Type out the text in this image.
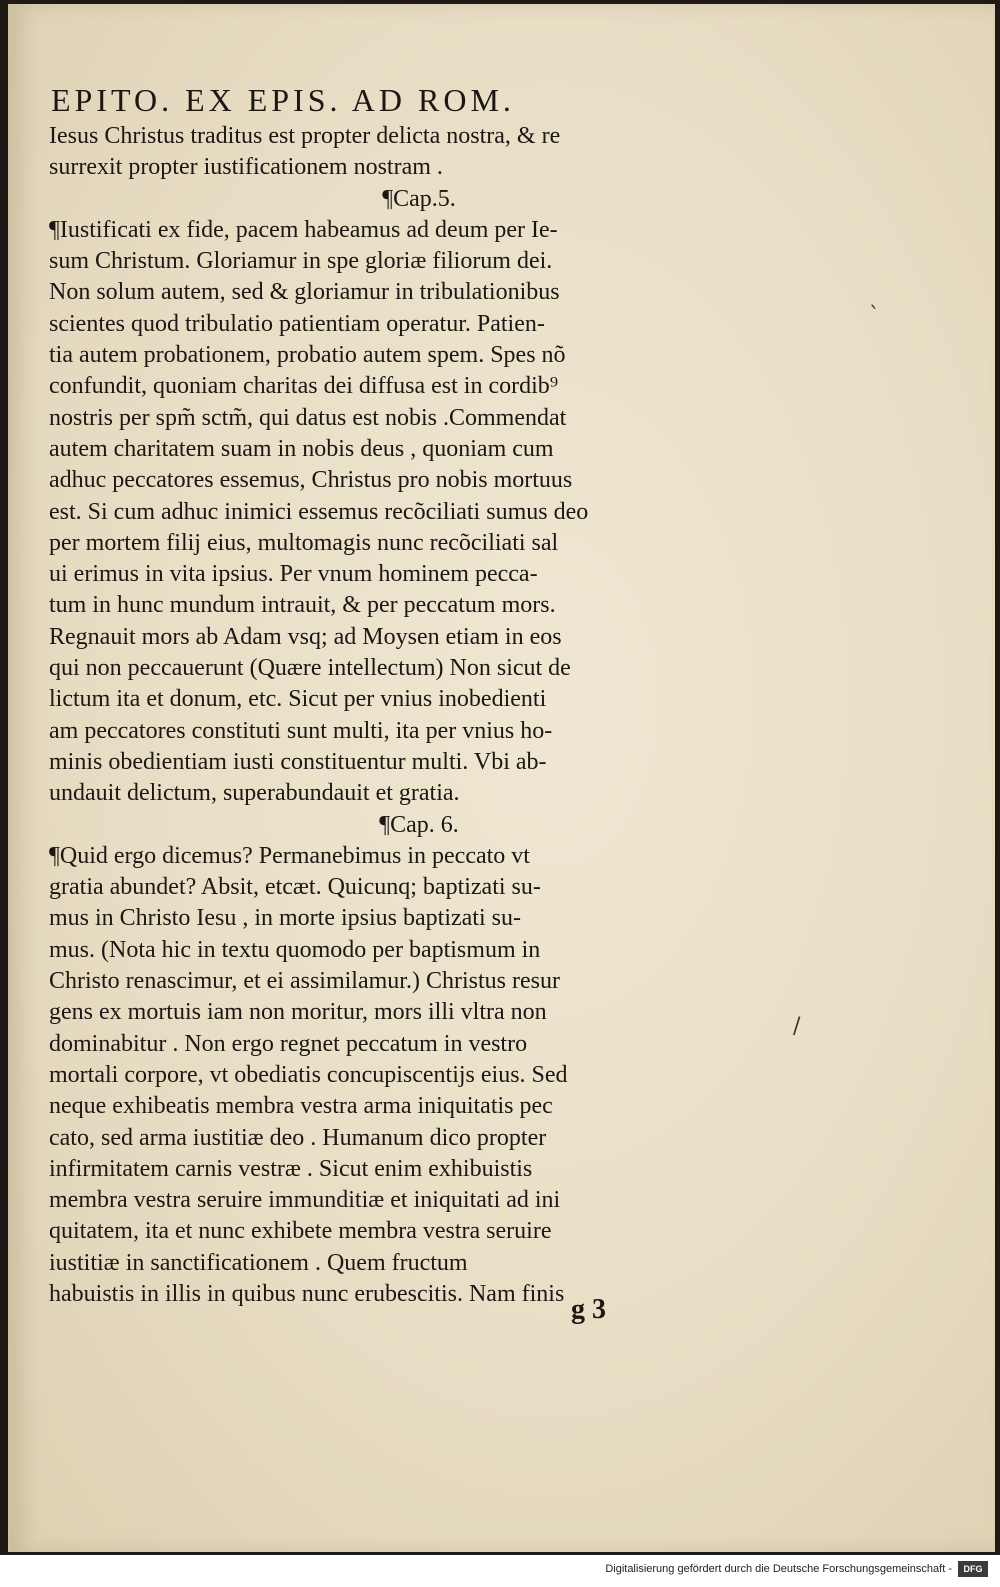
EPITO. EX EPIS. AD ROM.
Iesus Christus traditus est propter delicta nostra, & re
surrexit propter iustificationem nostram .
¶Cap.5.
¶Iustificati ex fide, pacem habeamus ad deum per Ie-
sum Christum. Gloriamur in spe gloriæ filiorum dei.
Non solum autem, sed & gloriamur in tribulationibus
scientes quod tribulatio patientiam operatur. Patien-
tia autem probationem, probatio autem spem. Spes nõ
confundit, quoniam charitas dei diffusa est in cordib⁹
nostris per spm̃ sctm̃, qui datus est nobis .Commendat
autem charitatem suam in nobis deus , quoniam cum
adhuc peccatores essemus, Christus pro nobis mortuus
est. Si cum adhuc inimici essemus recõciliati sumus deo
per mortem filij eius, multomagis nunc recõciliati sal
ui erimus in vita ipsius. Per vnum hominem pecca-
tum in hunc mundum intrauit, & per peccatum mors.
Regnauit mors ab Adam vsq; ad Moysen etiam in eos
qui non peccauerunt (Quære intellectum) Non sicut de
lictum ita et donum, etc. Sicut per vnius inobedienti
am peccatores constituti sunt multi, ita per vnius ho-
minis obedientiam iusti constituentur multi. Vbi ab-
undauit delictum, superabundauit et gratia.
¶Cap. 6.
¶Quid ergo dicemus? Permanebimus in peccato vt
gratia abundet? Absit, etcæt. Quicunq; baptizati su-
mus in Christo Iesu , in morte ipsius baptizati su-
mus. (Nota hic in textu quomodo per baptismum in
Christo renascimur, et ei assimilamur.) Christus resur
gens ex mortuis iam non moritur, mors illi vltra non
dominabitur . Non ergo regnet peccatum in vestro
mortali corpore, vt obediatis concupiscentijs eius. Sed
neque exhibeatis membra vestra arma iniquitatis pec
cato, sed arma iustitiæ deo . Humanum dico propter
infirmitatem carnis vestræ . Sicut enim exhibuistis
membra vestra seruire immunditiæ et iniquitati ad ini
quitatem, ita et nunc exhibete membra vestra seruire
iustitiæ in sanctificationem . Quem fructum
habuistis in illis in quibus nunc erubescitis. Nam finis
g 3
ˋ
/
Digitalisierung gefördert durch die Deutsche Forschungsgemeinschaft -	DFG
